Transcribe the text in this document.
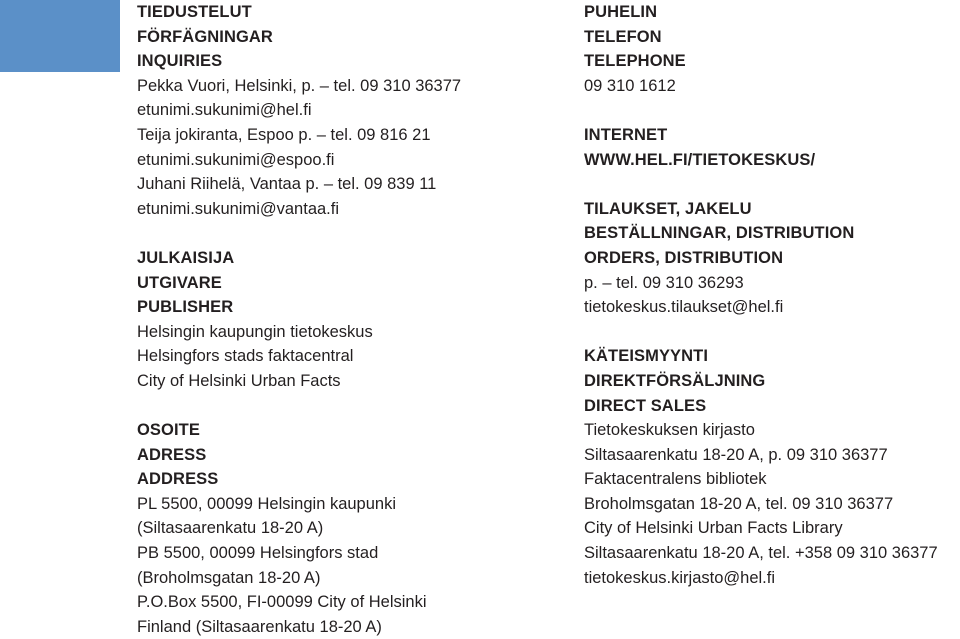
TIEDUSTELUT
FÖRFÄGNINGAR
INQUIRIES
Pekka Vuori, Helsinki, p. – tel. 09 310 36377
etunimi.sukunimi@hel.fi
Teija jokiranta, Espoo p. – tel. 09 816 21
etunimi.sukunimi@espoo.fi
Juhani Riihelä, Vantaa p. – tel. 09 839 11
etunimi.sukunimi@vantaa.fi
JULKAISIJA
UTGIVARE
PUBLISHER
Helsingin kaupungin tietokeskus
Helsingfors stads faktacentral
City of Helsinki Urban Facts
OSOITE
ADRESS
ADDRESS
PL 5500, 00099 Helsingin kaupunki
(Siltasaarenkatu 18-20 A)
PB 5500, 00099 Helsingfors stad
(Broholmsgatan 18-20 A)
P.O.Box 5500, FI-00099 City of Helsinki
Finland (Siltasaarenkatu 18-20 A)
PUHELIN
TELEFON
TELEPHONE
09 310 1612
INTERNET
WWW.HEL.FI/TIETOKESKUS/
TILAUKSET, JAKELU
BESTÄLLNINGAR, DISTRIBUTION
ORDERS, DISTRIBUTION
p. – tel. 09 310 36293
tietokeskus.tilaukset@hel.fi
KÄTEISMYYNTI
DIREKTFÖRSÄLJNING
DIRECT SALES
Tietokeskuksen kirjasto
Siltasaarenkatu 18-20 A, p. 09 310 36377
Faktacentralens bibliotek
Broholmsgatan 18-20 A, tel. 09 310 36377
City of Helsinki Urban Facts Library
Siltasaarenkatu 18-20 A, tel. +358 09 310 36377
tietokeskus.kirjasto@hel.fi
